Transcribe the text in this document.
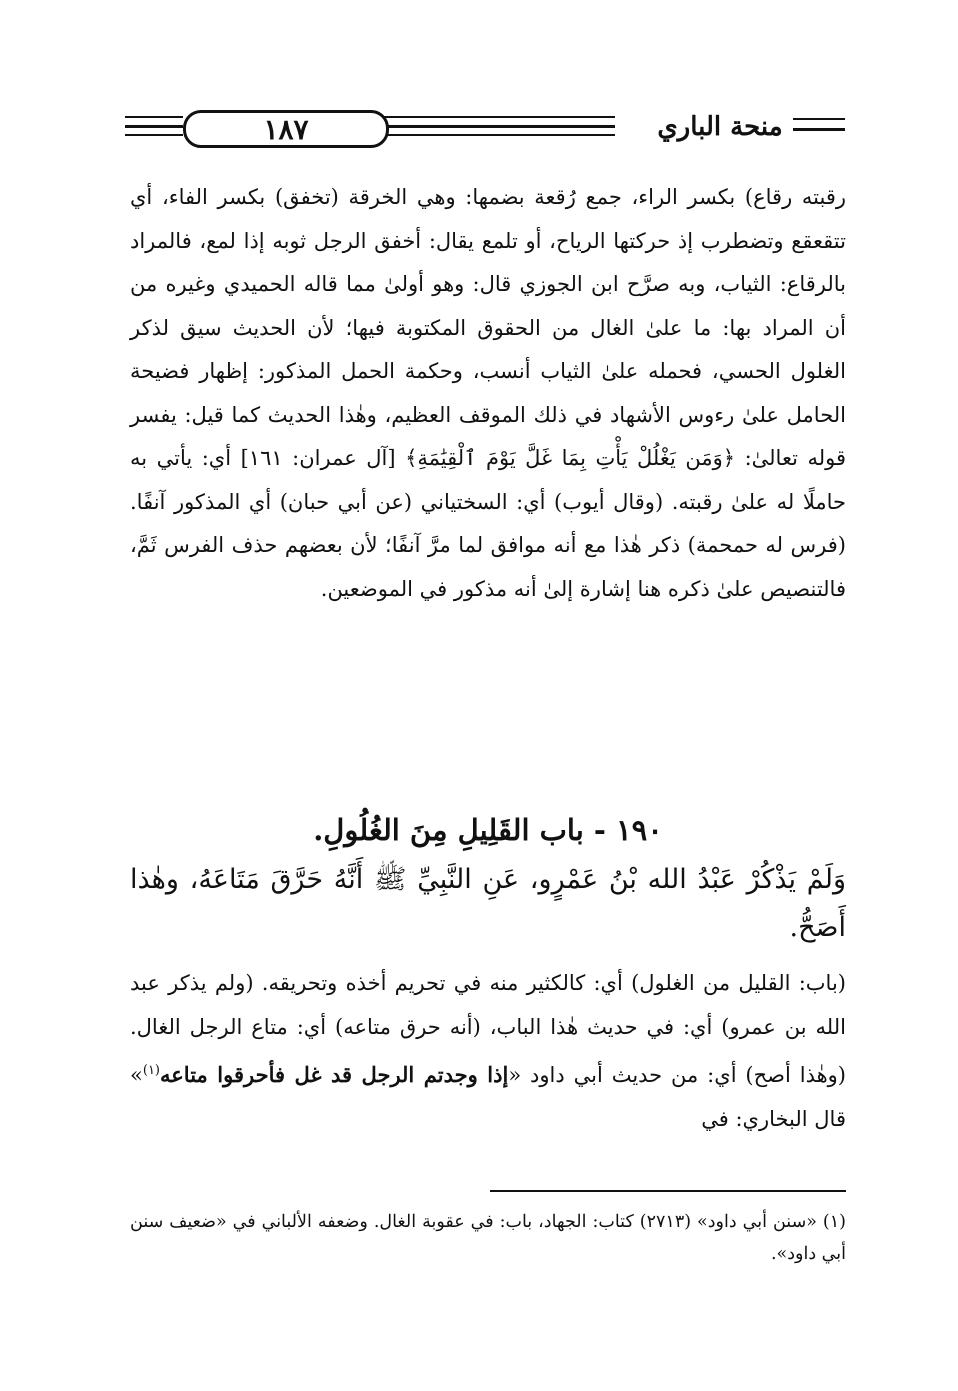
١٨٧	منحة الباري

رقبته رقاع) بكسر الراء، جمع رُقعة بضمها: وهي الخرقة (تخفق) بكسر الفاء، أي تتقعقع وتضطرب إذ حركتها الرياح، أو تلمع يقال: أخفق الرجل ثوبه إذا لمع، فالمراد بالرقاع: الثياب، وبه صرَّح ابن الجوزي قال: وهو أولىٰ مما قاله الحميدي وغيره من أن المراد بها: ما علىٰ الغال من الحقوق المكتوبة فيها؛ لأن الحديث سيق لذكر الغلول الحسي، فحمله علىٰ الثياب أنسب، وحكمة الحمل المذكور: إظهار فضيحة الحامل علىٰ رءوس الأشهاد في ذلك الموقف العظيم، وهٰذا الحديث كما قيل: يفسر قوله تعالىٰ: ﴿وَمَن يَغْلُلْ يَأْتِ بِمَا غَلَّ يَوْمَ ٱلْقِيَٰمَةِ﴾ [آل عمران: ١٦١] أي: يأتي به حاملًا له علىٰ رقبته. (وقال أيوب) أي: السختياني (عن أبي حبان) أي المذكور آنفًا. (فرس له حمحمة) ذكر هٰذا مع أنه موافق لما مرَّ آنفًا؛ لأن بعضهم حذف الفرس ثَمَّ، فالتنصيص علىٰ ذكره هنا إشارة إلىٰ أنه مذكور في الموضعين.

١٩٠ - باب القَلِيلِ مِنَ الغُلُولِ.
وَلَمْ يَذْكُرْ عَبْدُ الله بْنُ عَمْرٍو، عَنِ النَّبِيِّ ﷺ أَنَّهُ حَرَّقَ مَتَاعَهُ، وهٰذا أَصَحُّ.

(باب: القليل من الغلول) أي: كالكثير منه في تحريم أخذه وتحريقه. (ولم يذكر عبد الله بن عمرو) أي: في حديث هٰذا الباب، (أنه حرق متاعه) أي: متاع الرجل الغال. (وهٰذا أصح) أي: من حديث أبي داود «إذا وجدتم الرجل قد غل فأحرقوا متاعه$^{(١)}$» قال البخاري: في

(١) «سنن أبي داود» (٢٧١٣) كتاب: الجهاد، باب: في عقوبة الغال. وضعفه الألباني في «ضعيف سنن أبي داود».
